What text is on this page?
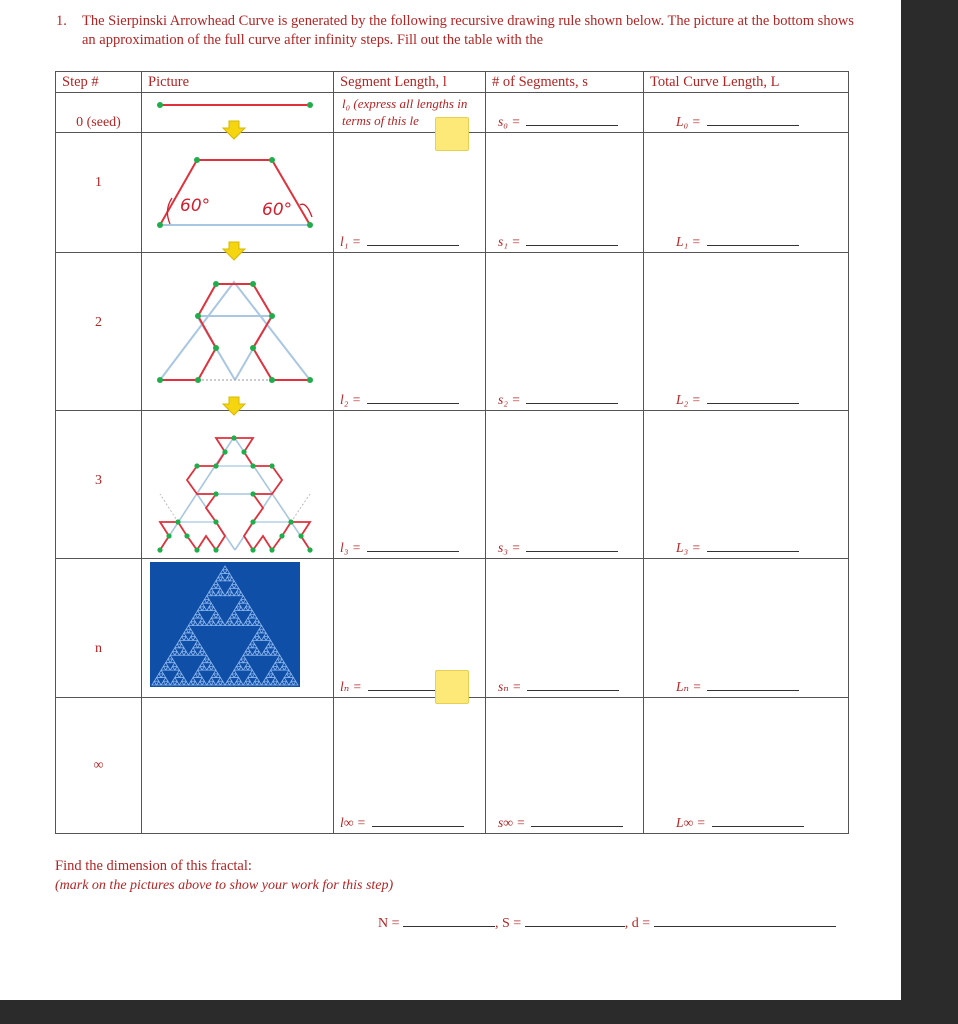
1. The Sierpinski Arrowhead Curve is generated by the following recursive drawing rule shown below. The picture at the bottom shows an approximation of the full curve after infinity steps. Fill out the table with the
Step #	Picture	Segment Length, l	# of Segments, s	Total Curve Length, L

0 (seed)		l₀ (express all lengths in terms of this le	s₀ =	L₀ =

1		l₁ =	s₁ =	L₁ =

2		l₂ =	s₂ =	L₂ =

3		l₃ =	s₃ =	L₃ =

n		lₙ =	sₙ =	Lₙ =

∞		l∞ =	s∞ =	L∞ =
Find the dimension of this fractal:
(mark on the pictures above to show your work for this step)
N =	, S =	, d =
60°	60°
